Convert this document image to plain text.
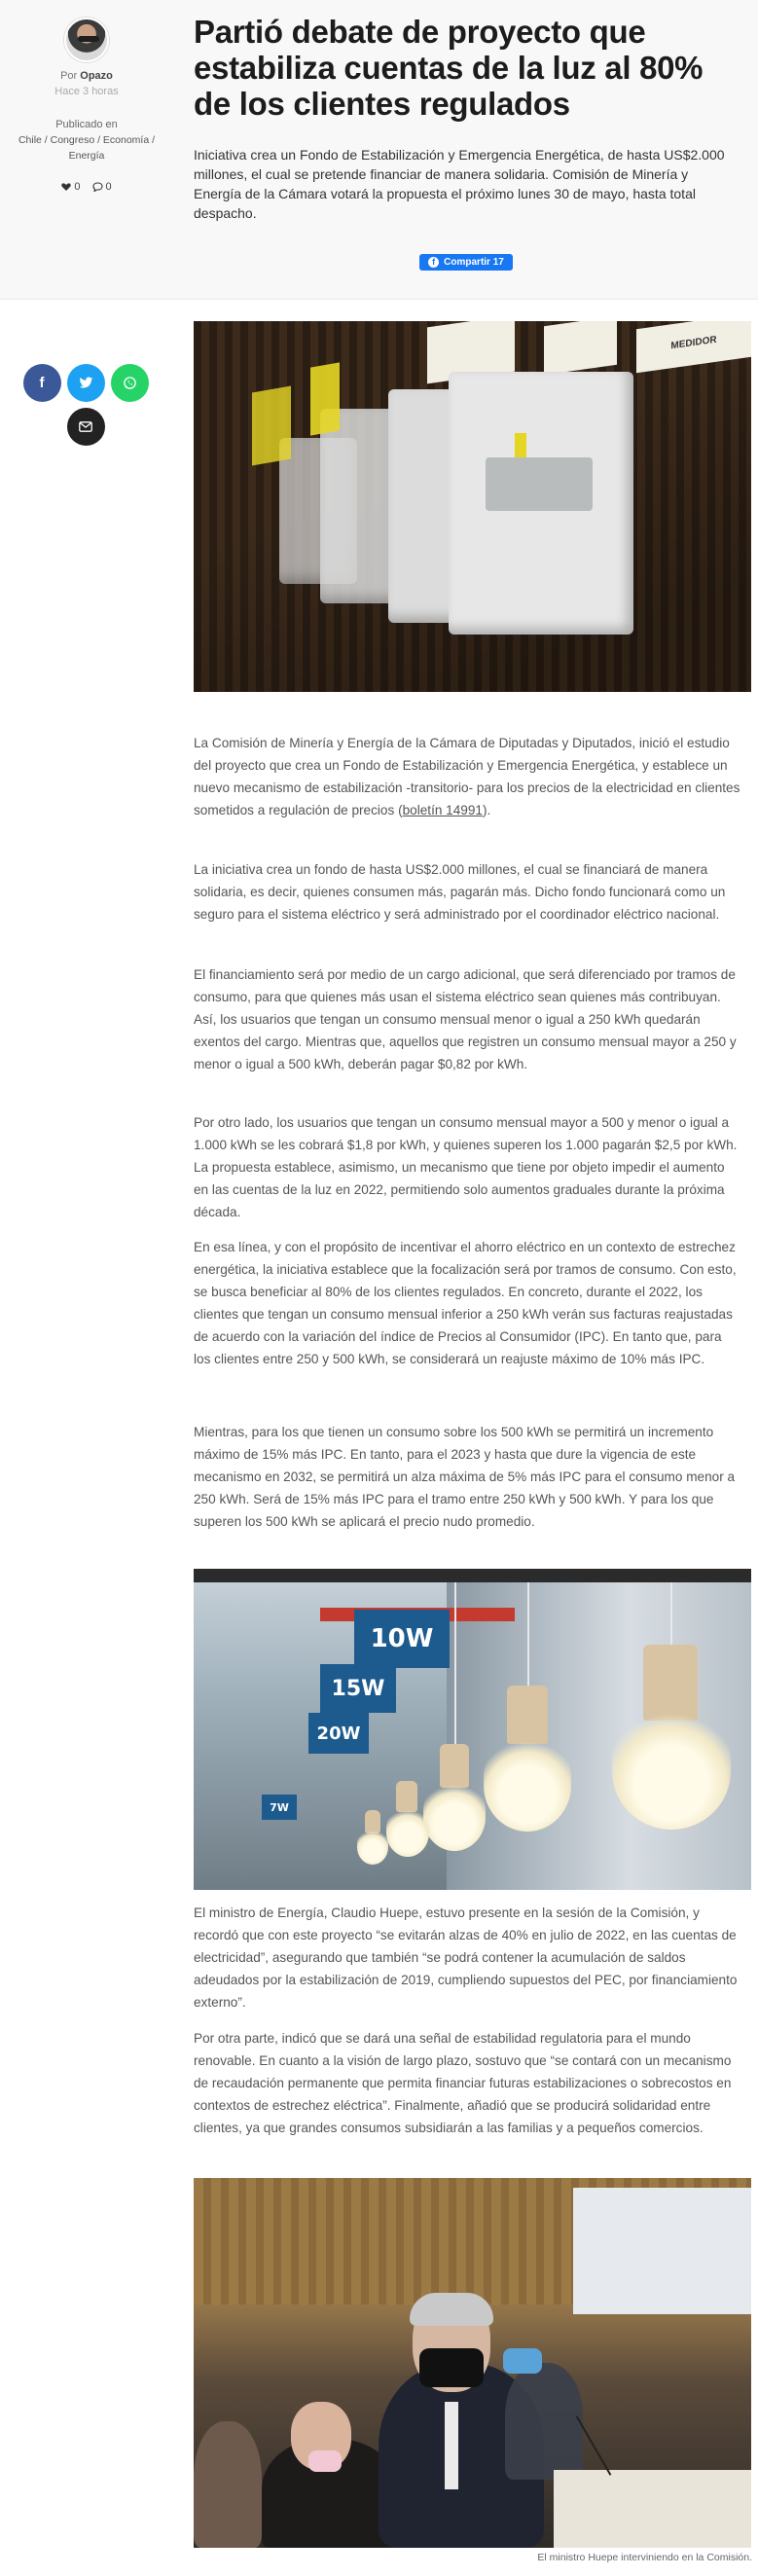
Por Opazo
Hace 3 horas
Publicado en
Chile / Congreso / Economía / Energía
0 0
Partió debate de proyecto que estabiliza cuentas de la luz al 80% de los clientes regulados

Iniciativa crea un Fondo de Estabilización y Emergencia Energética, de hasta US$2.000 millones, el cual se pretende financiar de manera solidaria. Comisión de Minería y Energía de la Cámara votará la propuesta el próximo lunes 30 de mayo, hasta total despacho.

f Compartir 17
f
MEDIDOR

La Comisión de Minería y Energía de la Cámara de Diputadas y Diputados, inició el estudio del proyecto que crea un Fondo de Estabilización y Emergencia Energética, y establece un nuevo mecanismo de estabilización -transitorio- para los precios de la electricidad en clientes sometidos a regulación de precios (boletín 14991).

La iniciativa crea un fondo de hasta US$2.000 millones, el cual se financiará de manera solidaria, es decir, quienes consumen más, pagarán más. Dicho fondo funcionará como un seguro para el sistema eléctrico y será administrado por el coordinador eléctrico nacional.

El financiamiento será por medio de un cargo adicional, que será diferenciado por tramos de consumo, para que quienes más usan el sistema eléctrico sean quienes más contribuyan. Así, los usuarios que tengan un consumo mensual menor o igual a 250 kWh quedarán exentos del cargo. Mientras que, aquellos que registren un consumo mensual mayor a 250 y menor o igual a 500 kWh, deberán pagar $0,82 por kWh.

Por otro lado, los usuarios que tengan un consumo mensual mayor a 500 y menor o igual a 1.000 kWh se les cobrará $1,8 por kWh, y quienes superen los 1.000 pagarán $2,5 por kWh. La propuesta establece, asimismo, un mecanismo que tiene por objeto impedir el aumento en las cuentas de la luz en 2022, permitiendo solo aumentos graduales durante la próxima década.

En esa línea, y con el propósito de incentivar el ahorro eléctrico en un contexto de estrechez energética, la iniciativa establece que la focalización será por tramos de consumo. Con esto, se busca beneficiar al 80% de los clientes regulados. En concreto, durante el 2022, los clientes que tengan un consumo mensual inferior a 250 kWh verán sus facturas reajustadas de acuerdo con la variación del índice de Precios al Consumidor (IPC). En tanto que, para los clientes entre 250 y 500 kWh, se considerará un reajuste máximo de 10% más IPC.

Mientras, para los que tienen un consumo sobre los 500 kWh se permitirá un incremento máximo de 15% más IPC. En tanto, para el 2023 y hasta que dure la vigencia de este mecanismo en 2032, se permitirá un alza máxima de 5% más IPC para el consumo menor a 250 kWh. Será de 15% más IPC para el tramo entre 250 kWh y 500 kWh. Y para los que superen los 500 kWh se aplicará el precio nudo promedio.

10W
15W
20W
7W

El ministro de Energía, Claudio Huepe, estuvo presente en la sesión de la Comisión, y recordó que con este proyecto “se evitarán alzas de 40% en julio de 2022, en las cuentas de electricidad”, asegurando que también “se podrá contener la acumulación de saldos adeudados por la estabilización de 2019, cumpliendo supuestos del PEC, por financiamiento externo”.

Por otra parte, indicó que se dará una señal de estabilidad regulatoria para el mundo renovable. En cuanto a la visión de largo plazo, sostuvo que “se contará con un mecanismo de recaudación permanente que permita financiar futuras estabilizaciones o sobrecostos en contextos de estrechez eléctrica”. Finalmente, añadió que se producirá solidaridad entre clientes, ya que grandes consumos subsidiarán a las familias y a pequeños comercios.

El ministro Huepe interviniendo en la Comisión.
